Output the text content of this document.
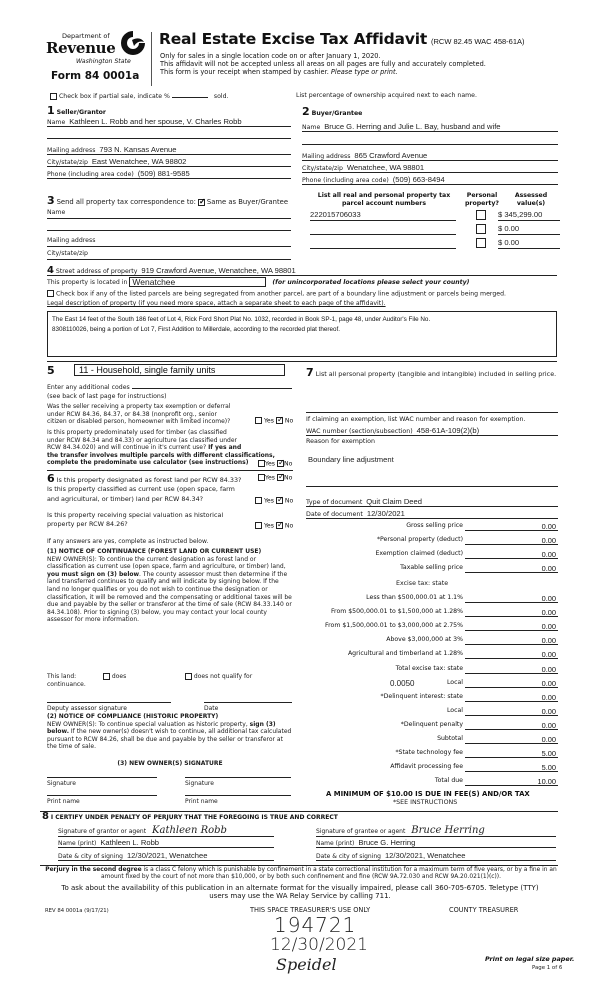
Department of
Revenue
Washington State
Form 84 0001a
Real Estate Excise Tax Affidavit (RCW 82.45 WAC 458-61A)
Only for sales in a single location code on or after January 1, 2020.
This affidavit will not be accepted unless all areas on all pages are fully and accurately completed.
This form is your receipt when stamped by cashier. Please type or print.
Check box if partial sale, indicate %	sold.	List percentage of ownership acquired next to each name.
1 Seller/Grantor
Name Kathleen L. Robb and her spouse, V. Charles Robb
Mailing address 793 N. Kansas Avenue
City/state/zip East Wenatchee, WA 98802
Phone (including area code) (509) 881-9585
3 Send all property tax correspondence to: ✓ Same as Buyer/Grantee
Name
Mailing address
City/state/zip
2 Buyer/Grantee
Name Bruce G. Herring and Julie L. Bay, husband and wife
Mailing address 865 Crawford Avenue
City/state/zip Wenatchee, WA 98801
Phone (including area code) (509) 663-8494
List all real and personal property tax
parcel account numbers
Personal
property?
Assessed
value(s)
222015706033	$ 345,299.00
$ 0.00
$ 0.00
4 Street address of property 919 Crawford Avenue, Wenatchee, WA 98801
This property is located in Wenatchee	(for unincorporated locations please select your county)
Check box if any of the listed parcels are being segregated from another parcel, are part of a boundary line adjustment or parcels being merged.
Legal description of property (if you need more space, attach a separate sheet to each page of the affidavit).
The East 14 feet of the South 186 feet of Lot 4, Rick Ford Short Plat No. 1032, recorded in Book SP-1, page 48, under Auditor's File No.
8308110026, being a portion of Lot 7, First Addition to Millerdale, according to the recorded plat thereof.
5	11 - Household, single family units
Enter any additional codes
(see back of last page for instructions)
Was the seller receiving a property tax exemption or deferral
under RCW 84.36, 84.37, or 84.38 (nonprofit org., senior
citizen or disabled person, homeowner with limited income)?	Yes ✓ No
Is this property predominately used for timber (as classified
under RCW 84.34 and 84.33) or agriculture (as classified under
RCW 84.34.020) and will continue in it's current use? If yes and
the transfer involves multiple parcels with different classifications,
complete the predominate use calculator (see instructions)	Yes ✓ No
6 Is this property designated as forest land per RCW 84.33?	Yes ✓ No
Is this property classified as current use (open space, farm
and agricultural, or timber) land per RCW 84.34?	Yes ✓ No
Is this property receiving special valuation as historical
property per RCW 84.26?	Yes ✓ No
If any answers are yes, complete as instructed below.
(1) NOTICE OF CONTINUANCE (FOREST LAND OR CURRENT USE)
NEW OWNER(S): To continue the current designation as forest land or classification as current use (open space, farm and agriculture, or timber) land, you must sign on (3) below. The county assessor must then determine if the land transferred continues to qualify and will indicate by signing below. If the land no longer qualifies or you do not wish to continue the designation or classification, it will be removed and the compensating or additional taxes will be due and payable by the seller or transferor at the time of sale (RCW 84.33.140 or 84.34.108). Prior to signing (3) below, you may contact your local county assessor for more information.
This land:	does	does not qualify for
continuance.
Deputy assessor signature	Date
(2) NOTICE OF COMPLIANCE (HISTORIC PROPERTY)
NEW OWNER(S): To continue special valuation as historic property, sign (3) below. If the new owner(s) doesn't wish to continue, all additional tax calculated pursuant to RCW 84.26, shall be due and payable by the seller or transferor at the time of sale.
(3) NEW OWNER(S) SIGNATURE
Signature	Signature
Print name	Print name
7 List all personal property (tangible and intangible) included in selling price.
If claiming an exemption, list WAC number and reason for exemption.
WAC number (section/subsection) 458-61A-109(2)(b)
Reason for exemption
Boundary line adjustment
Type of document Quit Claim Deed
Date of document 12/30/2021
Gross selling price	0.00
*Personal property (deduct)	0.00
Exemption claimed (deduct)	0.00
Taxable selling price	0.00
Excise tax: state
Less than $500,000.01 at 1.1%	0.00
From $500,000.01 to $1,500,000 at 1.28%	0.00
From $1,500,000.01 to $3,000,000 at 2.75%	0.00
Above $3,000,000 at 3%	0.00
Agricultural and timberland at 1.28%	0.00
Total excise tax: state	0.00
0.0050	Local	0.00
*Delinquent interest: state	0.00
Local	0.00
*Delinquent penalty	0.00
Subtotal	0.00
*State technology fee	5.00
Affidavit processing fee	5.00
Total due	10.00
A MINIMUM OF $10.00 IS DUE IN FEE(S) AND/OR TAX
*SEE INSTRUCTIONS
8 I CERTIFY UNDER PENALTY OF PERJURY THAT THE FOREGOING IS TRUE AND CORRECT
Signature of grantor or agent Kathleen Robb
Name (print) Kathleen L. Robb
Date & city of signing 12/30/2021, Wenatchee
Signature of grantee or agent Bruce Herring
Name (print) Bruce G. Herring
Date & city of signing 12/30/2021, Wenatchee
Perjury in the second degree is a class C felony which is punishable by confinement in a state correctional institution for a maximum term of five years, or by a fine in an amount fixed by the court of not more than $10,000, or by both such confinement and fine (RCW 9A.72.030 and RCW 9A.20.021(1)(c)).
To ask about the availability of this publication in an alternate format for the visually impaired, please call 360-705-6705. Teletype (TTY) users may use the WA Relay Service by calling 711.
REV 84 0001a (9/17/21)	THIS SPACE TREASURER'S USE ONLY	COUNTY TREASURER
194721
12/30/2021
Speidel	Print on legal size paper.
Page 1 of 6
